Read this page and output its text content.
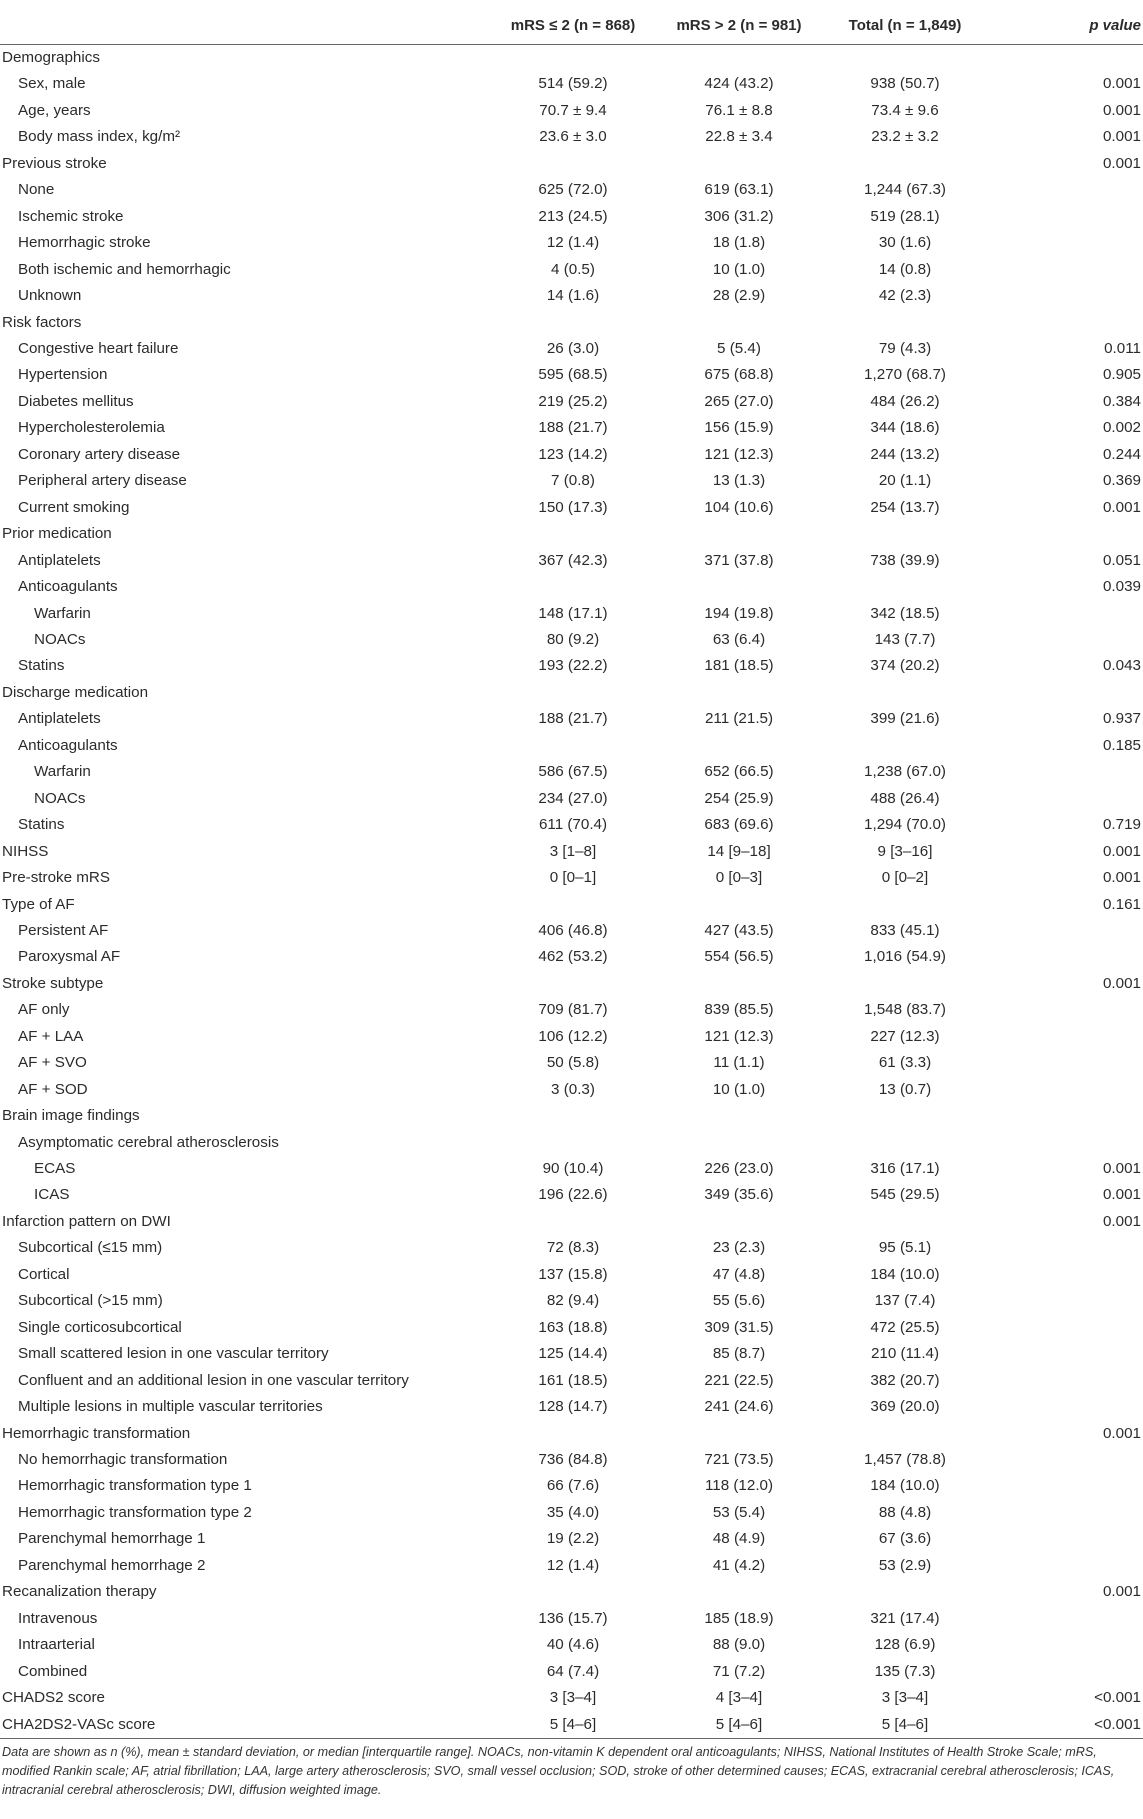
	mRS ≤ 2 (n = 868)	mRS > 2 (n = 981)	Total (n = 1,849)	p value
Demographics				
Sex, male	514 (59.2)	424 (43.2)	938 (50.7)	0.001
Age, years	70.7 ± 9.4	76.1 ± 8.8	73.4 ± 9.6	0.001
Body mass index, kg/m²	23.6 ± 3.0	22.8 ± 3.4	23.2 ± 3.2	0.001
Previous stroke				0.001
None	625 (72.0)	619 (63.1)	1,244 (67.3)	
Ischemic stroke	213 (24.5)	306 (31.2)	519 (28.1)	
Hemorrhagic stroke	12 (1.4)	18 (1.8)	30 (1.6)	
Both ischemic and hemorrhagic	4 (0.5)	10 (1.0)	14 (0.8)	
Unknown	14 (1.6)	28 (2.9)	42 (2.3)	
Risk factors				
Congestive heart failure	26 (3.0)	5 (5.4)	79 (4.3)	0.011
Hypertension	595 (68.5)	675 (68.8)	1,270 (68.7)	0.905
Diabetes mellitus	219 (25.2)	265 (27.0)	484 (26.2)	0.384
Hypercholesterolemia	188 (21.7)	156 (15.9)	344 (18.6)	0.002
Coronary artery disease	123 (14.2)	121 (12.3)	244 (13.2)	0.244
Peripheral artery disease	7 (0.8)	13 (1.3)	20 (1.1)	0.369
Current smoking	150 (17.3)	104 (10.6)	254 (13.7)	0.001
Prior medication				
Antiplatelets	367 (42.3)	371 (37.8)	738 (39.9)	0.051
Anticoagulants				0.039
Warfarin	148 (17.1)	194 (19.8)	342 (18.5)	
NOACs	80 (9.2)	63 (6.4)	143 (7.7)	
Statins	193 (22.2)	181 (18.5)	374 (20.2)	0.043
Discharge medication				
Antiplatelets	188 (21.7)	211 (21.5)	399 (21.6)	0.937
Anticoagulants				0.185
Warfarin	586 (67.5)	652 (66.5)	1,238 (67.0)	
NOACs	234 (27.0)	254 (25.9)	488 (26.4)	
Statins	611 (70.4)	683 (69.6)	1,294 (70.0)	0.719
NIHSS	3 [1–8]	14 [9–18]	9 [3–16]	0.001
Pre-stroke mRS	0 [0–1]	0 [0–3]	0 [0–2]	0.001
Type of AF				0.161
Persistent AF	406 (46.8)	427 (43.5)	833 (45.1)	
Paroxysmal AF	462 (53.2)	554 (56.5)	1,016 (54.9)	
Stroke subtype				0.001
AF only	709 (81.7)	839 (85.5)	1,548 (83.7)	
AF + LAA	106 (12.2)	121 (12.3)	227 (12.3)	
AF + SVO	50 (5.8)	11 (1.1)	61 (3.3)	
AF + SOD	3 (0.3)	10 (1.0)	13 (0.7)	
Brain image findings				
Asymptomatic cerebral atherosclerosis				
ECAS	90 (10.4)	226 (23.0)	316 (17.1)	0.001
ICAS	196 (22.6)	349 (35.6)	545 (29.5)	0.001
Infarction pattern on DWI				0.001
Subcortical (≤15 mm)	72 (8.3)	23 (2.3)	95 (5.1)	
Cortical	137 (15.8)	47 (4.8)	184 (10.0)	
Subcortical (>15 mm)	82 (9.4)	55 (5.6)	137 (7.4)	
Single corticosubcortical	163 (18.8)	309 (31.5)	472 (25.5)	
Small scattered lesion in one vascular territory	125 (14.4)	85 (8.7)	210 (11.4)	
Confluent and an additional lesion in one vascular territory	161 (18.5)	221 (22.5)	382 (20.7)	
Multiple lesions in multiple vascular territories	128 (14.7)	241 (24.6)	369 (20.0)	
Hemorrhagic transformation				0.001
No hemorrhagic transformation	736 (84.8)	721 (73.5)	1,457 (78.8)	
Hemorrhagic transformation type 1	66 (7.6)	118 (12.0)	184 (10.0)	
Hemorrhagic transformation type 2	35 (4.0)	53 (5.4)	88 (4.8)	
Parenchymal hemorrhage 1	19 (2.2)	48 (4.9)	67 (3.6)	
Parenchymal hemorrhage 2	12 (1.4)	41 (4.2)	53 (2.9)	
Recanalization therapy				0.001
Intravenous	136 (15.7)	185 (18.9)	321 (17.4)	
Intraarterial	40 (4.6)	88 (9.0)	128 (6.9)	
Combined	64 (7.4)	71 (7.2)	135 (7.3)	
CHADS2 score	3 [3–4]	4 [3–4]	3 [3–4]	<0.001
CHA2DS2-VASc score	5 [4–6]	5 [4–6]	5 [4–6]	<0.001
Data are shown as n (%), mean ± standard deviation, or median [interquartile range]. NOACs, non-vitamin K dependent oral anticoagulants; NIHSS, National Institutes of Health Stroke Scale; mRS, modified Rankin scale; AF, atrial fibrillation; LAA, large artery atherosclerosis; SVO, small vessel occlusion; SOD, stroke of other determined causes; ECAS, extracranial cerebral atherosclerosis; ICAS, intracranial cerebral atherosclerosis; DWI, diffusion weighted image.
